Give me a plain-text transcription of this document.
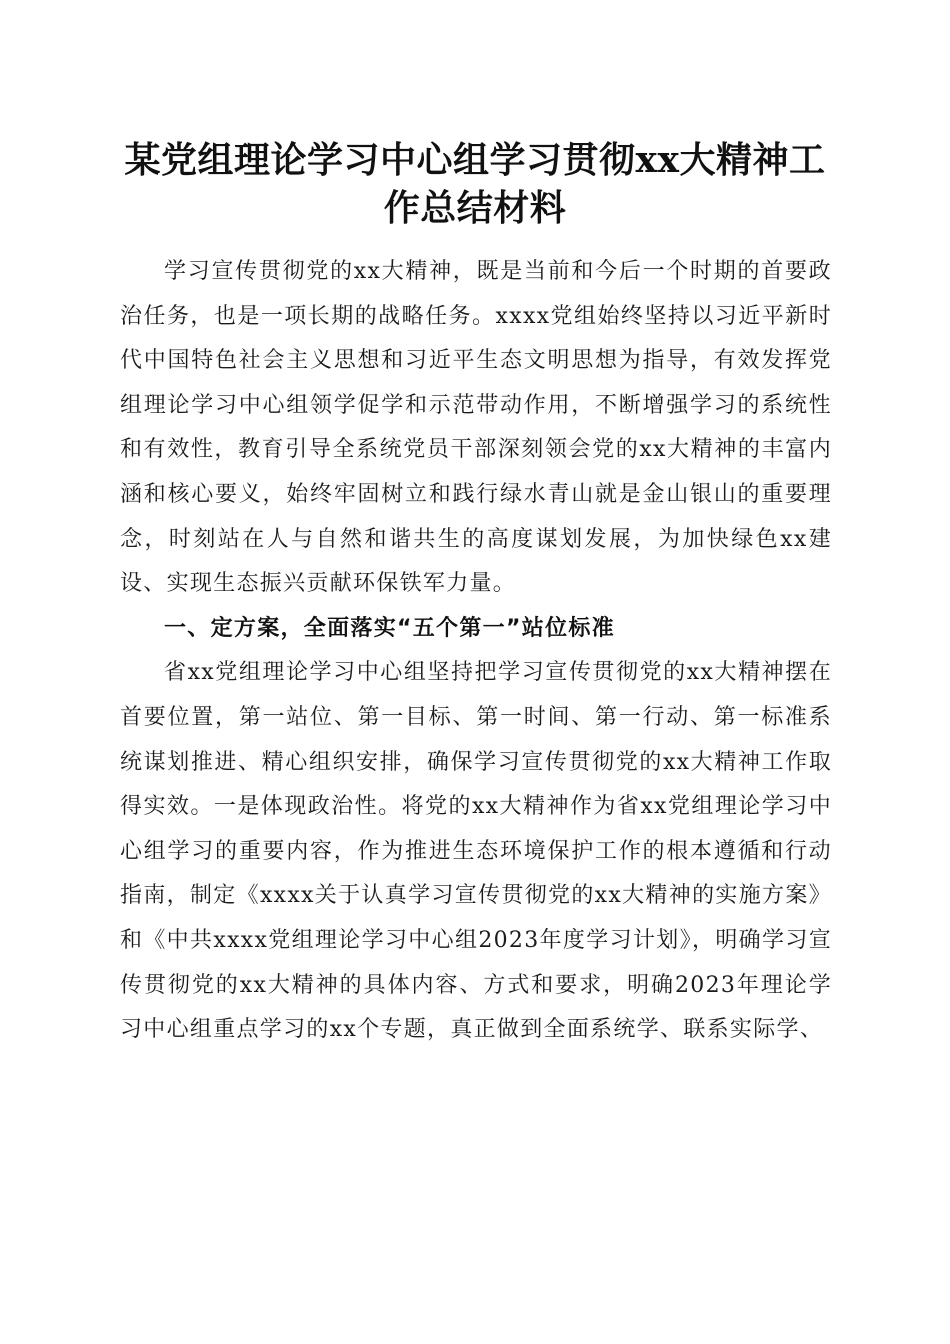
某党组理论学习中心组学习贯彻xx大精神工
作总结材料

学习宣传贯彻党的xx大精神，既是当前和今后一个时期的首要政治任务，也是一项长期的战略任务。xxxx党组始终坚持以习近平新时代中国特色社会主义思想和习近平生态文明思想为指导，有效发挥党组理论学习中心组领学促学和示范带动作用，不断增强学习的系统性和有效性，教育引导全系统党员干部深刻领会党的xx大精神的丰富内涵和核心要义，始终牢固树立和践行绿水青山就是金山银山的重要理念，时刻站在人与自然和谐共生的高度谋划发展，为加快绿色xx建设、实现生态振兴贡献环保铁军力量。

一、定方案，全面落实“五个第一”站位标准

省xx党组理论学习中心组坚持把学习宣传贯彻党的xx大精神摆在首要位置，第一站位、第一目标、第一时间、第一行动、第一标准系统谋划推进、精心组织安排，确保学习宣传贯彻党的xx大精神工作取得实效。一是体现政治性。将党的xx大精神作为省xx党组理论学习中心组学习的重要内容，作为推进生态环境保护工作的根本遵循和行动指南，制定《xxxx关于认真学习宣传贯彻党的xx大精神的实施方案》和《中共xxxx党组理论学习中心组2023年度学习计划》，明确学习宣传贯彻党的xx大精神的具体内容、方式和要求，明确2023年理论学习中心组重点学习的xx个专题，真正做到全面系统学、联系实际学、
